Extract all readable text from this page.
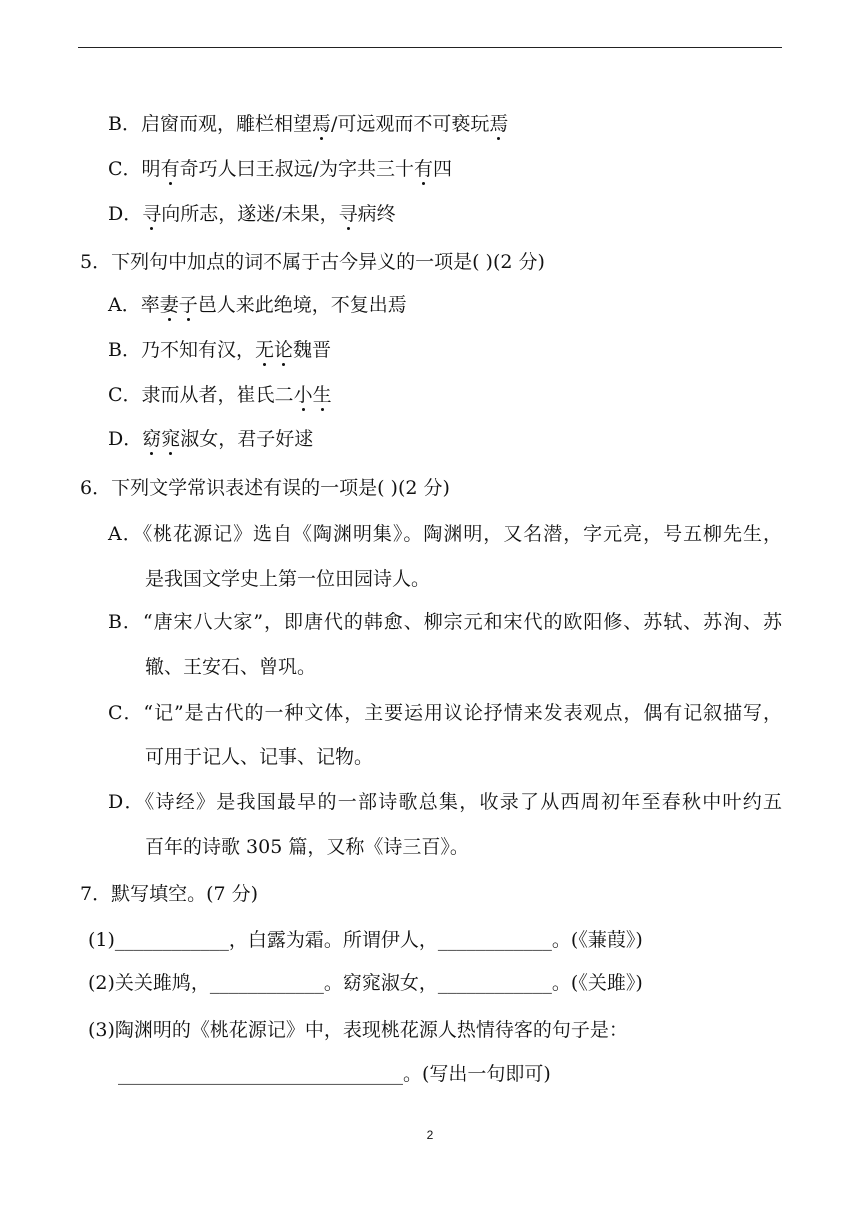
B．启窗而观，雕栏相望焉/可远观而不可亵玩焉
C．明有奇巧人曰王叔远/为字共三十有四
D．寻向所志，遂迷/未果，寻病终
5．下列句中加点的词不属于古今异义的一项是( )(2 分)
A．率妻子邑人来此绝境，不复出焉
B．乃不知有汉，无论魏晋
C．隶而从者，崔氏二小生
D．窈窕淑女，君子好逑
6．下列文学常识表述有误的一项是( )(2 分)
A．《桃花源记》选自《陶渊明集》。陶渊明，又名潜，字元亮，号五柳先生，
是我国文学史上第一位田园诗人。
B．“唐宋八大家”，即唐代的韩愈、柳宗元和宋代的欧阳修、苏轼、苏洵、苏
辙、王安石、曾巩。
C．“记”是古代的一种文体，主要运用议论抒情来发表观点，偶有记叙描写，
可用于记人、记事、记物。
D．《诗经》是我国最早的一部诗歌总集，收录了从西周初年至春秋中叶约五
百年的诗歌 305 篇，又称《诗三百》。
7．默写填空。(7 分)
(1)____________，白露为霜。所谓伊人，____________。(《蒹葭》)
(2)关关雎鸠，____________。窈窕淑女，____________。(《关雎》)
(3)陶渊明的《桃花源记》中，表现桃花源人热情待客的句子是：
______________________________。(写出一句即可)
2
